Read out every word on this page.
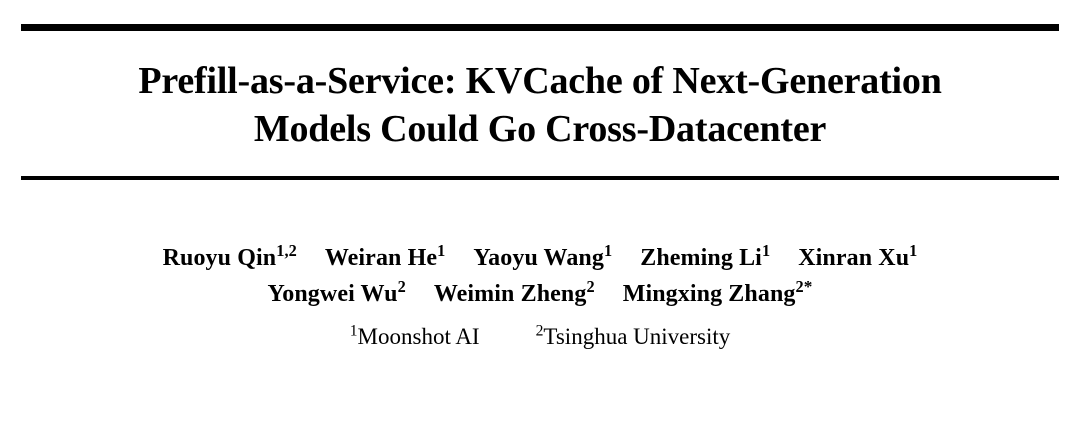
Prefill-as-a-Service: KVCache of Next-Generation
Models Could Go Cross-Datacenter
Ruoyu Qin$^{1,2}$ Weiran He$^1$ Yaoyu Wang$^1$ Zheming Li$^1$ Xinran Xu$^1$
Yongwei Wu$^2$ Weimin Zheng$^2$ Mingxing Zhang$^{2*}$
$^1$Moonshot AI	$^2$Tsinghua University
